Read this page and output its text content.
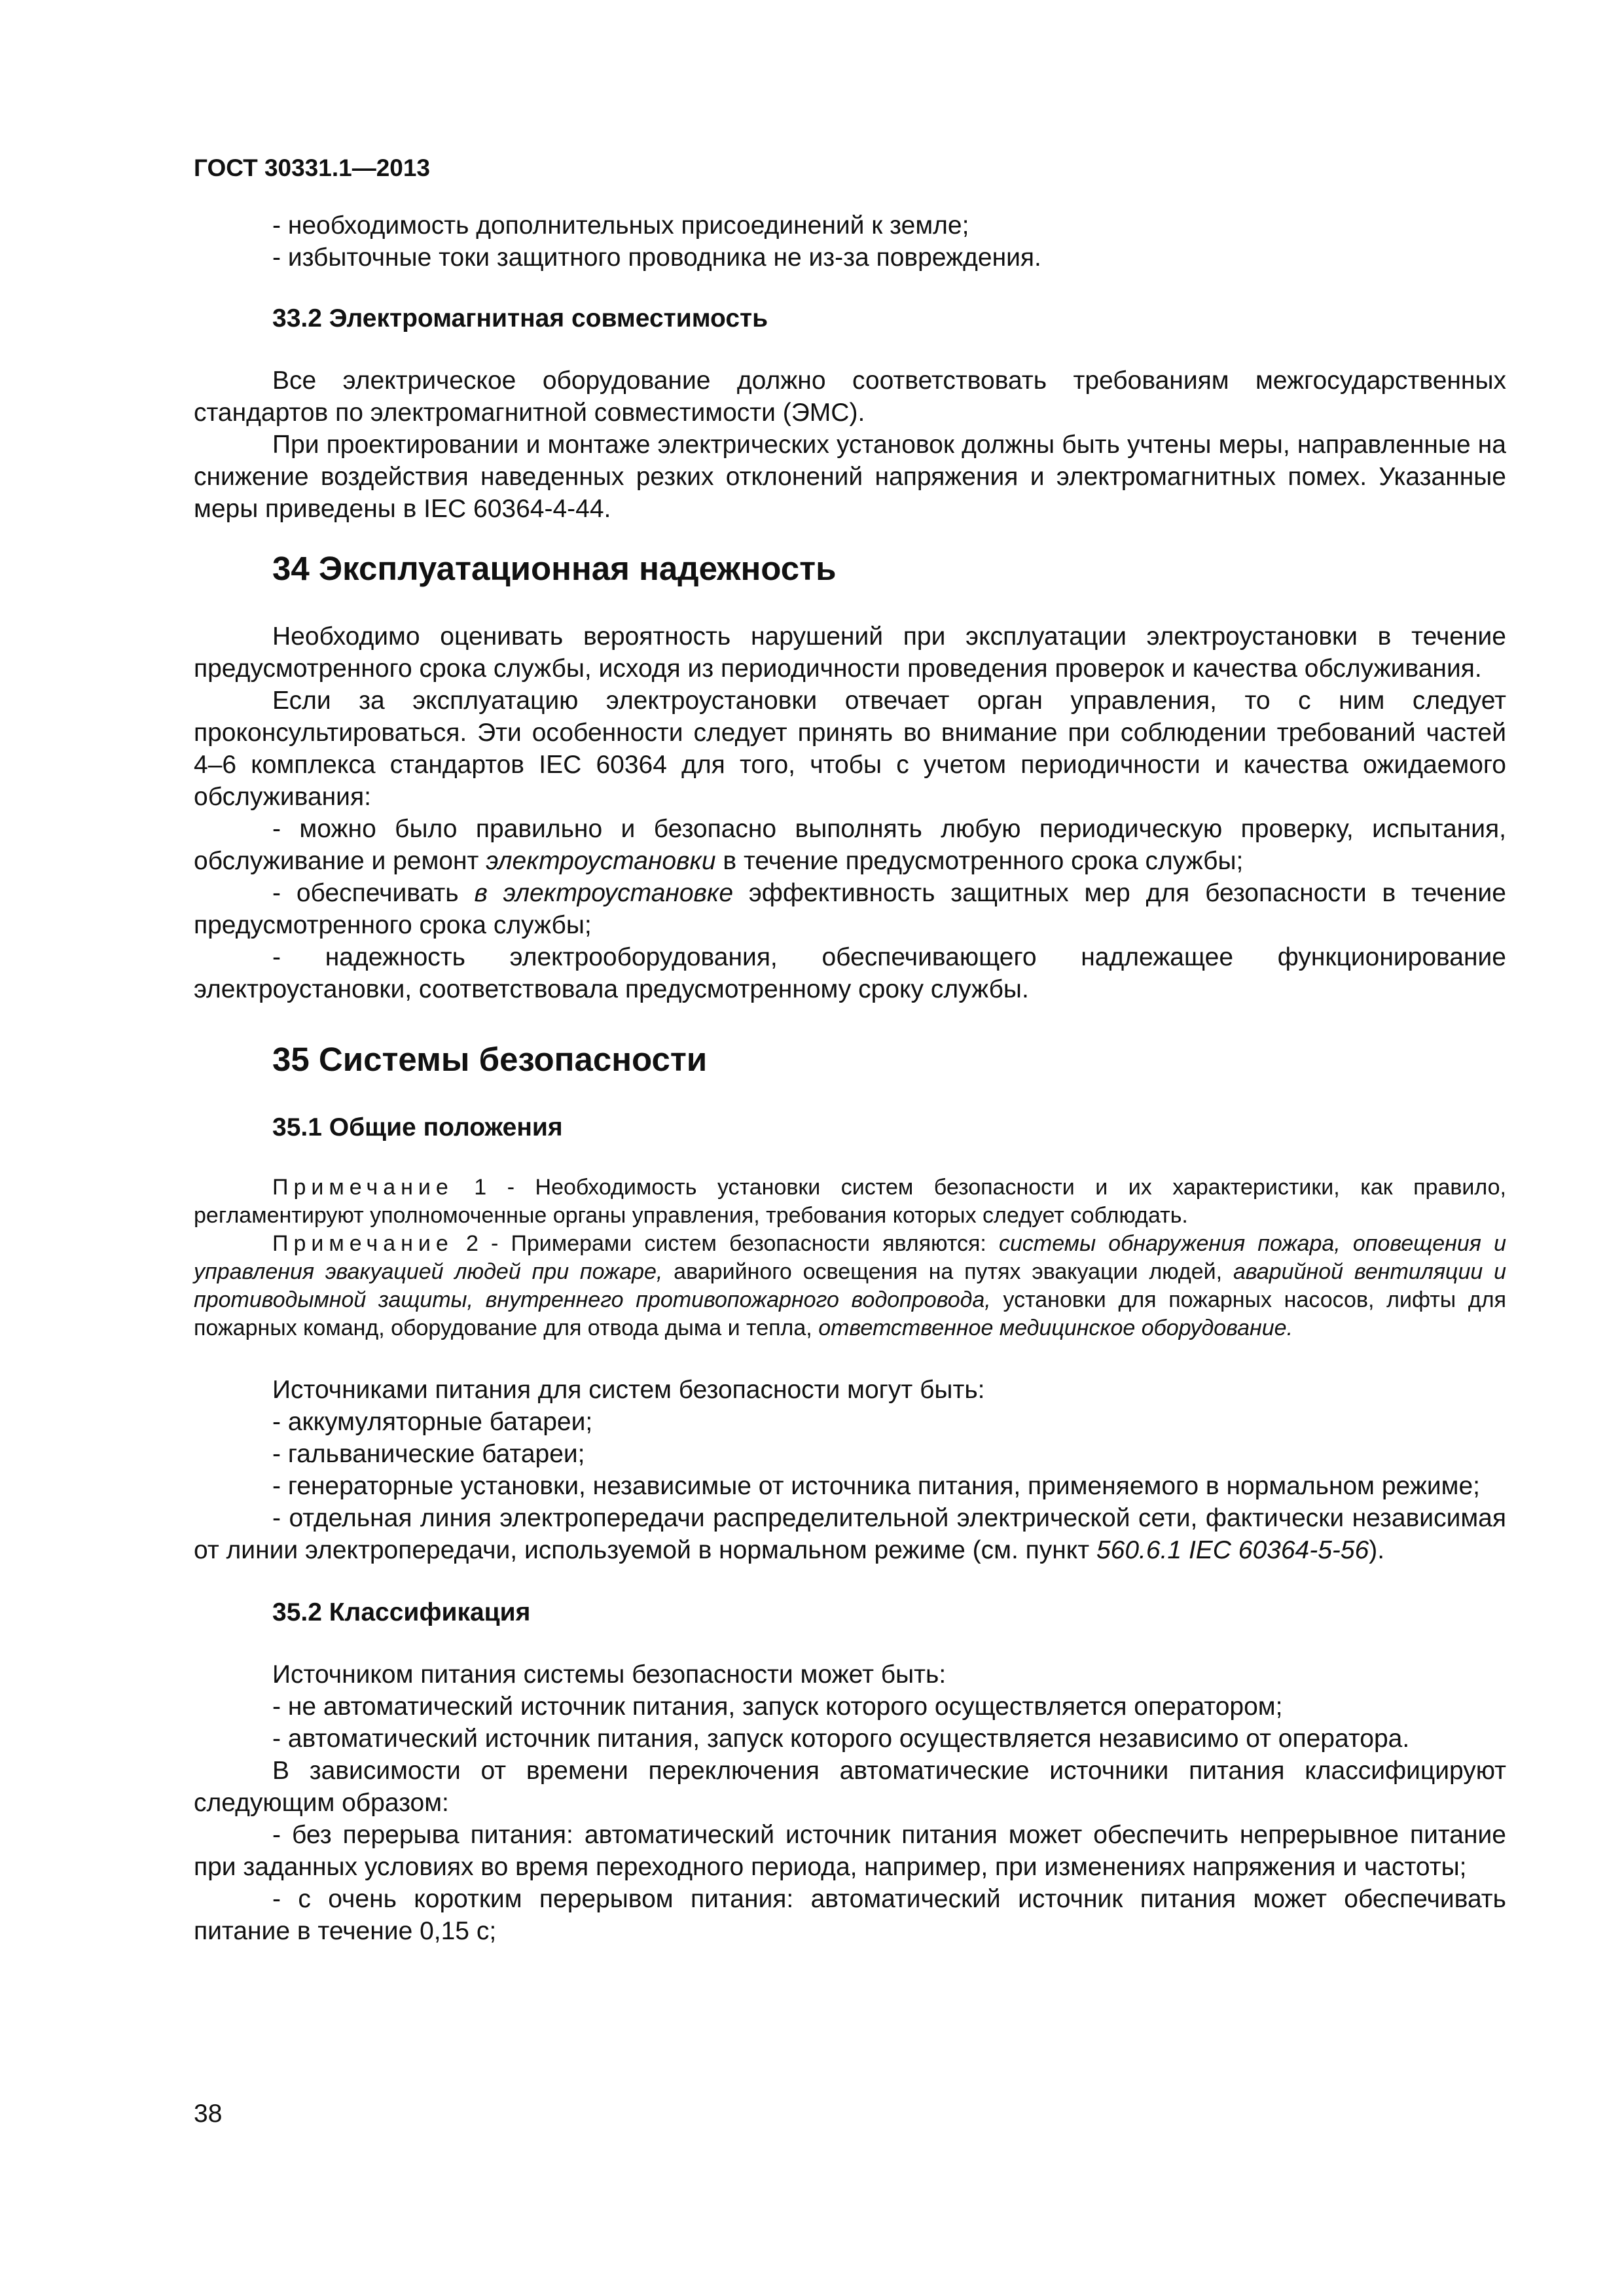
ГОСТ 30331.1—2013

- необходимость дополнительных присоединений к земле;

- избыточные токи защитного проводника не из-за повреждения.

33.2 Электромагнитная совместимость

Все электрическое оборудование должно соответствовать требованиям межгосударственных стандартов по электромагнитной совместимости (ЭМС).

При проектировании и монтаже электрических установок должны быть учтены меры, направленные на снижение воздействия наведенных резких отклонений напряжения и электромагнитных помех. Указанные меры приведены в IEC 60364-4-44.

34 Эксплуатационная надежность

Необходимо оценивать вероятность нарушений при эксплуатации электроустановки в течение предусмотренного срока службы, исходя из периодичности проведения проверок и качества обслуживания.

Если за эксплуатацию электроустановки отвечает орган управления, то с ним следует проконсультироваться. Эти особенности следует принять во внимание при соблюдении требований частей 4–6 комплекса стандартов IEC 60364 для того, чтобы с учетом периодичности и качества ожидаемого обслуживания:

- можно было правильно и безопасно выполнять любую периодическую проверку, испытания, обслуживание и ремонт электроустановки в течение предусмотренного срока службы;

- обеспечивать в электроустановке эффективность защитных мер для безопасности в течение предусмотренного срока службы;

- надежность электрооборудования, обеспечивающего надлежащее функционирование электроустановки, соответствовала предусмотренному сроку службы.

35 Системы безопасности
35.1 Общие положения

Примечание 1 - Необходимость установки систем безопасности и их характеристики, как правило, регламентируют уполномоченные органы управления, требования которых следует соблюдать.

Примечание 2 - Примерами систем безопасности являются: системы обнаружения пожара, оповещения и управления эвакуацией людей при пожаре, аварийного освещения на путях эвакуации людей, аварийной вентиляции и противодымной защиты, внутреннего противопожарного водопровода, установки для пожарных насосов, лифты для пожарных команд, оборудование для отвода дыма и тепла, ответственное медицинское оборудование.

Источниками питания для систем безопасности могут быть:

- аккумуляторные батареи;

- гальванические батареи;

- генераторные установки, независимые от источника питания, применяемого в нормальном режиме;

- отдельная линия электропередачи распределительной электрической сети, фактически независимая от линии электропередачи, используемой в нормальном режиме (см. пункт 560.6.1 IEC 60364-5-56).

35.2 Классификация

Источником питания системы безопасности может быть:

- не автоматический источник питания, запуск которого осуществляется оператором;

- автоматический источник питания, запуск которого осуществляется независимо от оператора.

В зависимости от времени переключения автоматические источники питания классифицируют следующим образом:

- без перерыва питания: автоматический источник питания может обеспечить непрерывное питание при заданных условиях во время переходного периода, например, при изменениях напряжения и частоты;

- с очень коротким перерывом питания: автоматический источник питания может обеспечивать питание в течение 0,15 с;

38
